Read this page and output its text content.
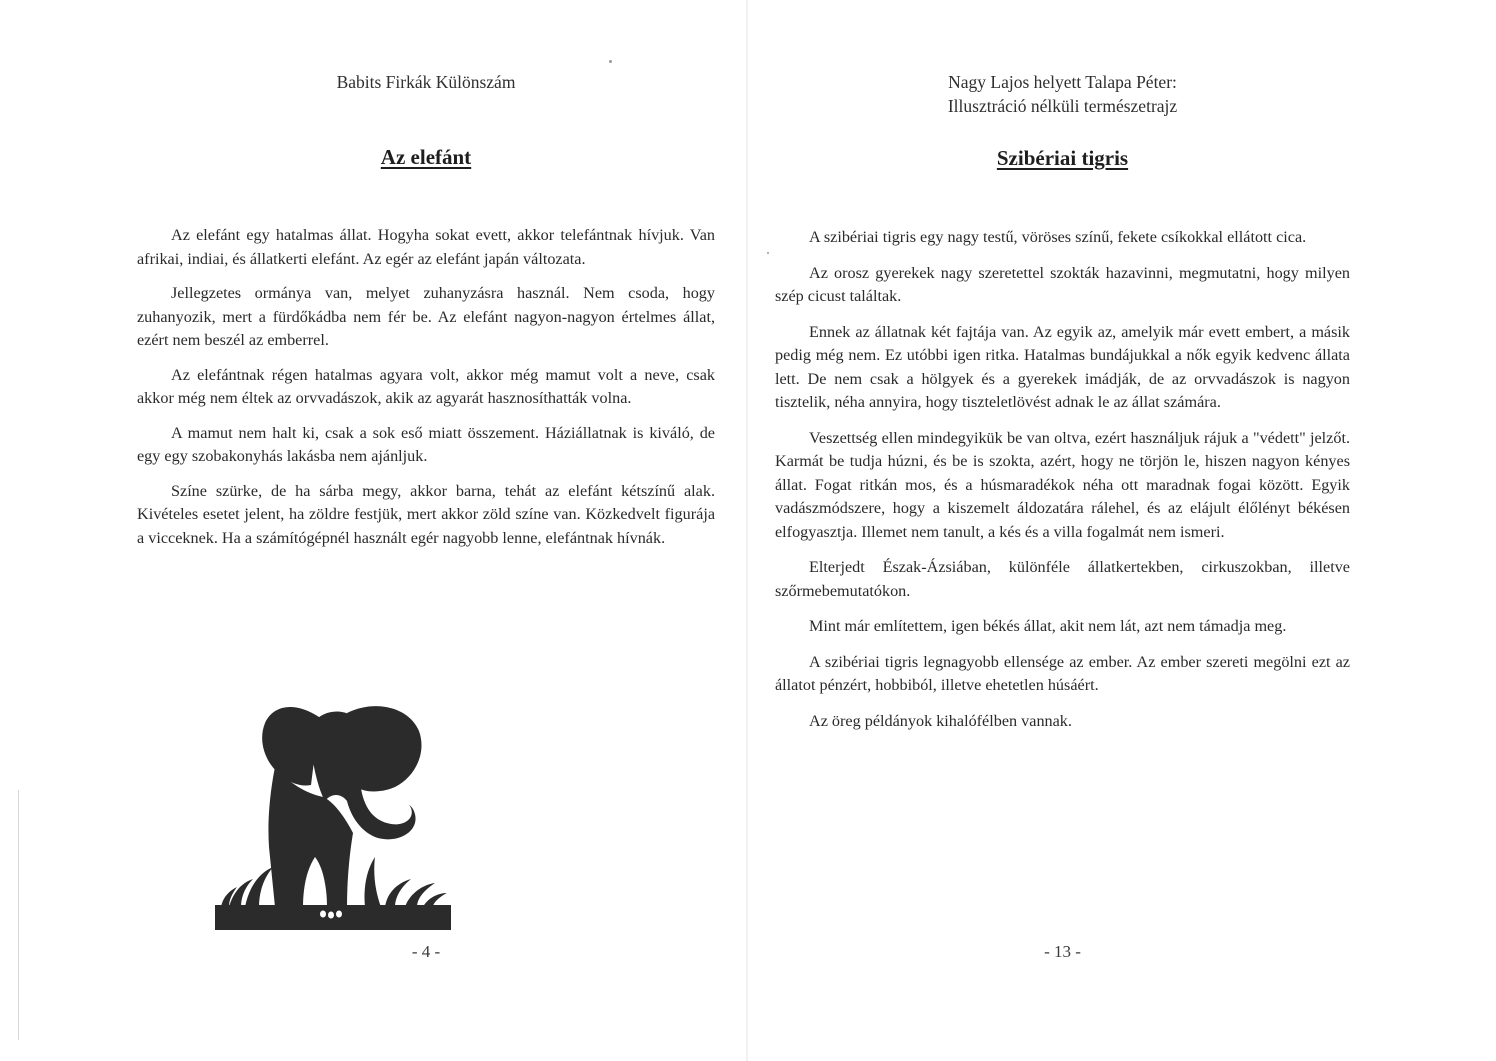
Babits Firkák Különszám
Az elefánt

Az elefánt egy hatalmas állat. Hogyha sokat evett, akkor telefántnak hívjuk. Van afrikai, indiai, és állatkerti elefánt. Az egér az elefánt japán változata.

Jellegzetes ormánya van, melyet zuhanyzásra használ. Nem csoda, hogy zuhanyozik, mert a fürdőkádba nem fér be. Az elefánt nagyon-nagyon értelmes állat, ezért nem beszél az emberrel.

Az elefántnak régen hatalmas agyara volt, akkor még mamut volt a neve, csak akkor még nem éltek az orvvadászok, akik az agyarát hasznosíthatták volna.

A mamut nem halt ki, csak a sok eső miatt összement. Háziállatnak is kiváló, de egy egy szobakonyhás lakásba nem ajánljuk.

Színe szürke, de ha sárba megy, akkor barna, tehát az elefánt kétszínű alak. Kivételes esetet jelent, ha zöldre festjük, mert akkor zöld színe van. Közkedvelt figurája a vicceknek. Ha a számítógépnél használt egér nagyobb lenne, elefántnak hívnák.

- 4 -
Nagy Lajos helyett Talapa Péter:
Illusztráció nélküli természetrajz
Szibériai tigris

A szibériai tigris egy nagy testű, vöröses színű, fekete csíkokkal ellátott cica.

Az orosz gyerekek nagy szeretettel szokták hazavinni, megmutatni, hogy milyen szép cicust találtak.

Ennek az állatnak két fajtája van. Az egyik az, amelyik már evett embert, a másik pedig még nem. Ez utóbbi igen ritka. Hatalmas bundájukkal a nők egyik kedvenc állata lett. De nem csak a hölgyek és a gyerekek imádják, de az orvvadászok is nagyon tisztelik, néha annyira, hogy tiszteletlövést adnak le az állat számára.

Veszettség ellen mindegyikük be van oltva, ezért használjuk rájuk a "védett" jelzőt. Karmát be tudja húzni, és be is szokta, azért, hogy ne törjön le, hiszen nagyon kényes állat. Fogat ritkán mos, és a húsmaradékok néha ott maradnak fogai között. Egyik vadászmódszere, hogy a kiszemelt áldozatára rálehel, és az elájult élőlényt békésen elfogyasztja. Illemet nem tanult, a kés és a villa fogalmát nem ismeri.

Elterjedt Észak-Ázsiában, különféle állatkertekben, cirkuszokban, illetve szőrmebemutatókon.

Mint már említettem, igen békés állat, akit nem lát, azt nem támadja meg.

A szibériai tigris legnagyobb ellensége az ember. Az ember szereti megölni ezt az állatot pénzért, hobbiból, illetve ehetetlen húsáért.

Az öreg példányok kihalófélben vannak.

- 13 -
